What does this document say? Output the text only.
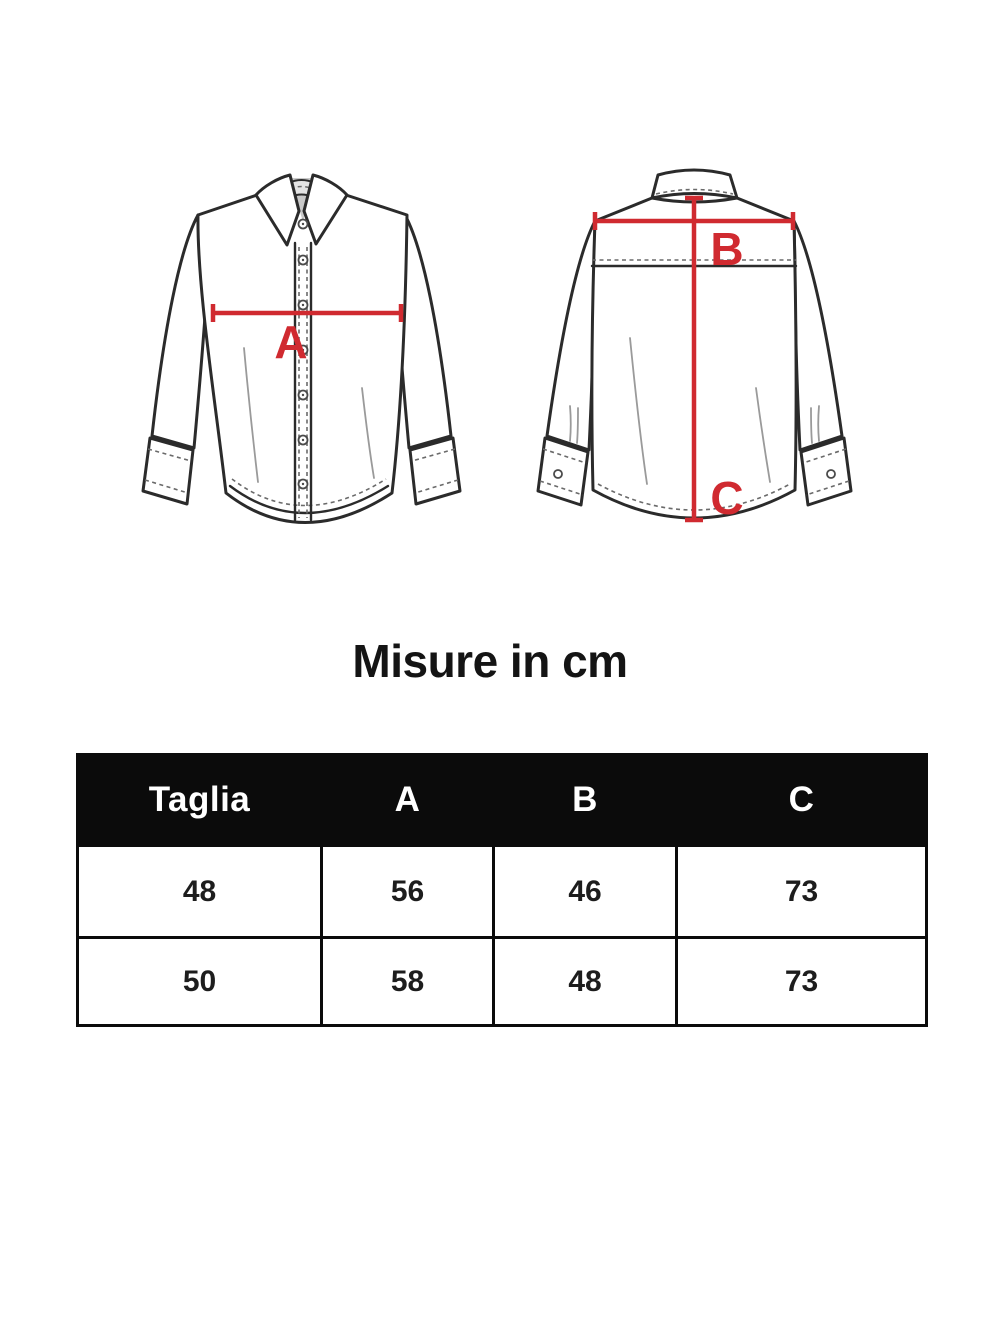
A
B
C
Misure in cm
Taglia	A	B	C
48	56	46	73
50	58	48	73
